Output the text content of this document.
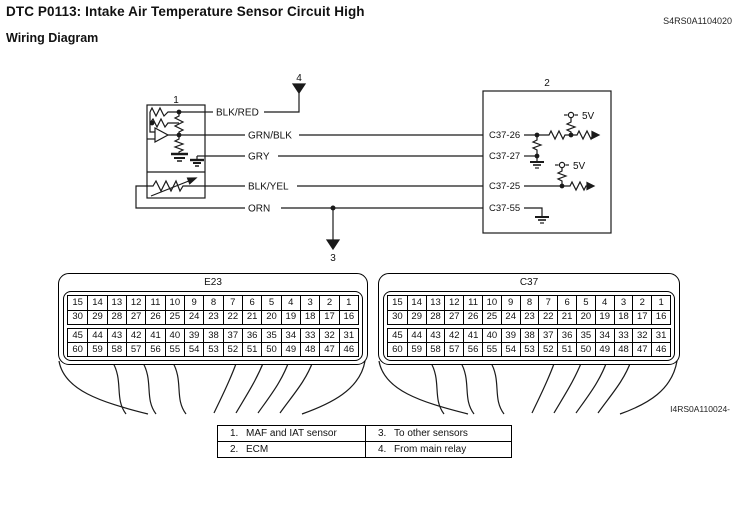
DTC P0113: Intake Air Temperature Sensor Circuit High
Wiring Diagram
S4RS0A1104020
I4RS0A110024-
1
2
4
3
BLK/RED
GRN/BLK
GRY
BLK/YEL
ORN
C37-26
C37-27
C37-25
C37-55
5V
5V
E23
15 14 13 12 11 10	9	8	7	6	5	4	3	2	1
30 29 28 27 26 25 24 23 22 21 20 19 18 17 16
45 44 43 42 41 40 39 38 37 36 35 34 33 32 31
60 59 58 57 56 55 54 53 52 51 50 49 48 47 46
C37
15 14 13 12 11 10	9	8	7	6	5	4	3	2	1
30 29 28 27 26 25 24 23 22 21 20 19 18 17 16
45 44 43 42 41 40 39 38 37 36 35 34 33 32 31
60 59 58 57 56 55 54 53 52 51 50 49 48 47 46
1. MAF and IAT sensor	3. To other sensors
2. ECM	4. From main relay
